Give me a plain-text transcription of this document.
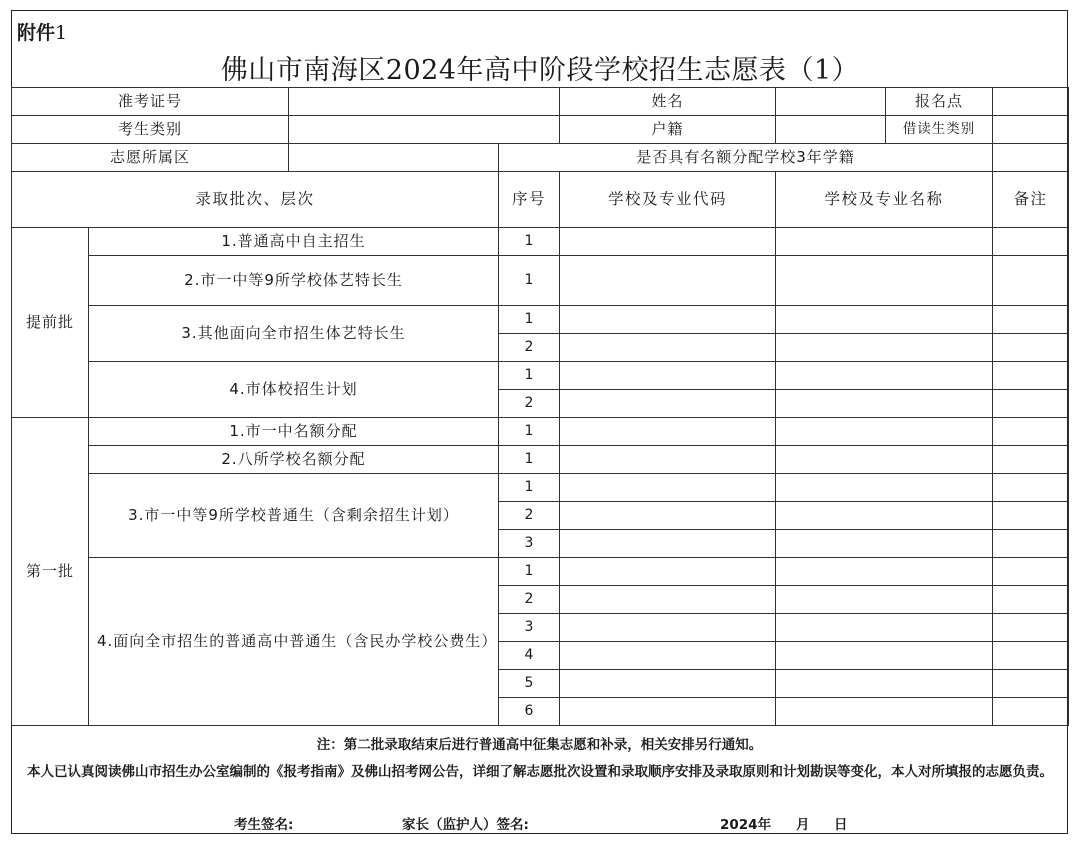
附件1
佛山市南海区2024年高中阶段学校招生志愿表（1）
准考证号				姓名		报名点	
考生类别				户籍		借读生类别	
志愿所属区			是否具有名额分配学校3年学籍				
录取批次、层次			序号	学校及专业代码	学校及专业名称		备注
提前批	1.普通高中自主招生		1				
	2.市一中等9所学校体艺特长生		1				
	3.其他面向全市招生体艺特长生		1				
			2				
	4.市体校招生计划		1				
			2				

第一批	1.市一中名额分配		1				
	2.八所学校名额分配		1				
	3.市一中等9所学校普通生（含剩余招生计划）		1				
			2				
			3				
	4.面向全市招生的普通高中普通生（含民办学校公费生）		1				
			2				
			3				
			4				
			5				
			6				
注：第二批录取结束后进行普通高中征集志愿和补录，相关安排另行通知。
本人已认真阅读佛山市招生办公室编制的《报考指南》及佛山招考网公告，详细了解志愿批次设置和录取顺序安排及录取原则和计划勘误等变化，本人对所填报的志愿负责。
考生签名:	家长（监护人）签名:	2024年 月 日
